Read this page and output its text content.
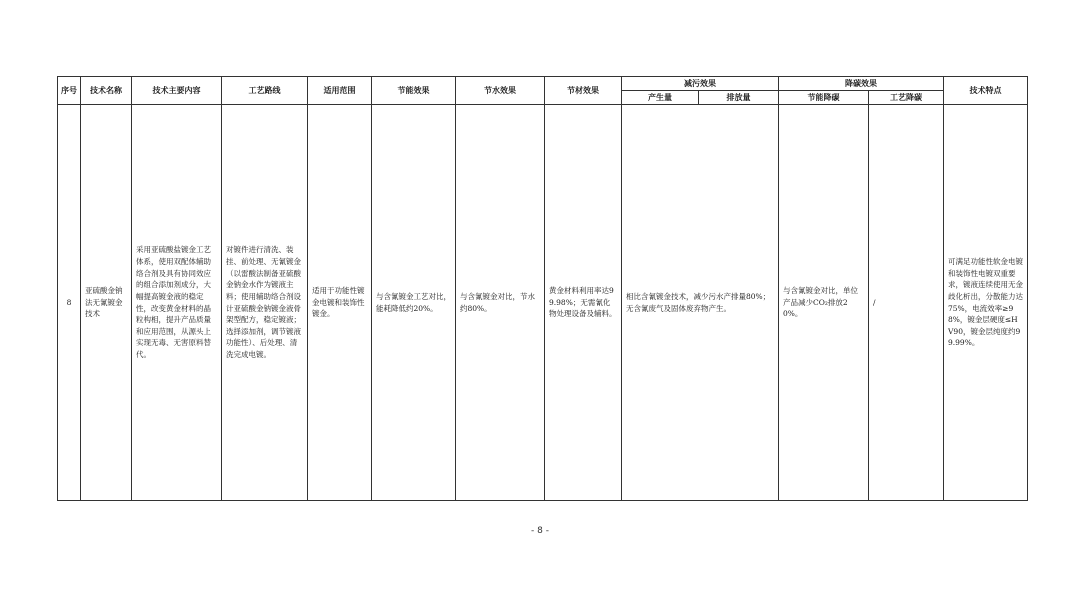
序号	技术名称	技术主要内容	工艺路线	适用范围	节能效果	节水效果	节材效果	减污效果		降碳效果		技术特点
								产生量	排放量	节能降碳	工艺降碳	
8	亚硫酸金钠法无氰镀金技术	采用亚硫酸盐镀金工艺体系，使用双配体辅助络合剂及具有协同效应的组合添加剂成分，大幅提高镀金液的稳定性，改变黄金材料的晶粒构相，提升产品质量和应用范围，从源头上实现无毒、无害原料替代。	对镀件进行清洗、装挂、前处理、无氰镀金（以雷酸法制备亚硫酸金钠金水作为镀液主料；使用辅助络合剂设计亚硫酸金钠镀金液骨架型配方，稳定镀液；选择添加剂，调节镀液功能性）、后处理、清洗完成电镀。	适用于功能性镀金电镀和装饰性镀金。	与含氰镀金工艺对比，能耗降低约20%。	与含氰镀金对比，节水约80%。	黄金材料利用率达99.98%；无需氰化物处理设备及辅料。	相比含氰镀金技术，减少污水产排量80%；无含氰废气及固体废弃物产生。		与含氰镀金对比，单位产品减少CO₂排放20%。	/	可满足功能性软金电镀和装饰性电镀双重要求，镀液连续使用无金歧化析出，分散能力达75%，电流效率≥98%，镀金层硬度≤HV90，镀金层纯度约99.99%。
- 8 -
